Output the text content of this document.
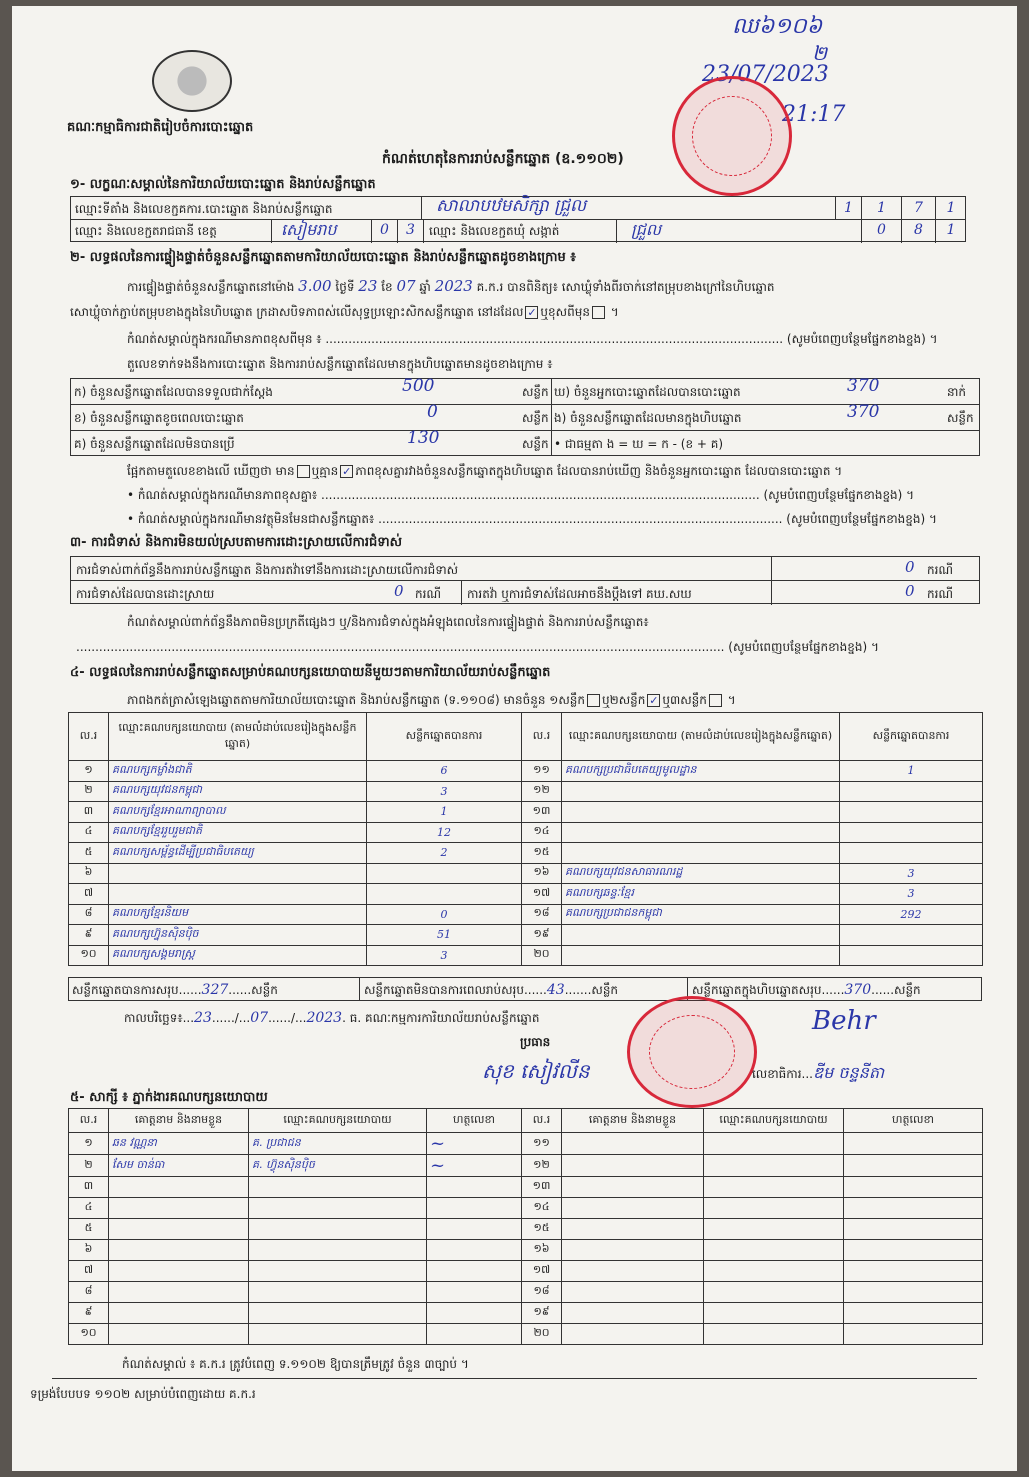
គណៈកម្មាធិការជាតិរៀបចំការបោះឆ្នោត
ឈ៦១០៦
២
23/07/2023
21:17
កំណត់ហេតុនៃការរាប់សន្លឹកឆ្នោត (ឧ.១១០២)
១- លក្ខណៈសម្គាល់នៃការិយាល័យបោះឆ្នោត និងរាប់សន្លឹកឆ្នោត
ឈ្មោះទីតាំង និងលេខក្ជគការ.បោះឆ្នោត និងរាប់សន្លឹកឆ្នោត	សាលាបឋមសិក្សា ជ្រួល	1	1	7	1
ឈ្មោះ និងលេខក្ជតរាជធានី ខេត្ត	សៀមរាប	0	3	ឈ្មោះ និងលេខក្ជតឃុំ សង្កាត់	ជ្រួល	0	8	1
២- លទ្ធផលនៃការផ្ទៀងផ្ទាត់ចំនួនសន្លឹកឆ្នោតតាមការិយាល័យបោះឆ្នោត និងរាប់សន្លឹកឆ្នោតដូចខាងក្រោម ៖
ការផ្ទៀងផ្ទាត់ចំនួនសន្លឹកឆ្នោតនៅម៉ោង 3.00 ថ្ងៃទី 23 ខែ 07 ឆ្នាំ 2023 គ.ក.រ បានពិនិត្យ៖ សោឃ្លុំទាំងពីរចាក់នៅតម្រុបខាងក្រៅនៃហិបឆ្នោត
សោឃ្លុំចាក់ភ្ជាប់តម្រុបខាងក្នុងនៃហិបឆ្នោត ក្រដាសបិទភាពស់លើសុទ្ធប្រឡោះសិកសន្លឹកឆ្នោត នៅដដែល ✓ ឬខុសពីមុន ។
កំណត់សម្គាល់ក្នុងករណីមានភាពខុសពីមុន ៖ ........................................................................................................................ (សូមបំពេញបន្ថែមផ្នែកខាងខ្នង) ។
តួលេខទាក់ទងនឹងការបោះឆ្នោត និងការរាប់សន្លឹកឆ្នោតដែលមានក្នុងហិបឆ្នោតមានដូចខាងក្រោម ៖
ក) ចំនួនសន្លឹកឆ្នោតដែលបានទទួលជាក់ស្ដែង	500	សន្លឹក ឃ) ចំនួនអ្នកបោះឆ្នោតដែលបានបោះឆ្នោត	370	នាក់
ខ) ចំនួនសន្លឹកឆ្នោតខូចពេលបោះឆ្នោត	0	សន្លឹក ង) ចំនួនសន្លឹកឆ្នោតដែលមានក្នុងហិបឆ្នោត	370	សន្លឹក
គ) ចំនួនសន្លឹកឆ្នោតដែលមិនបានប្រើ	130	សន្លឹក • ជាធម្មតា ង = ឃ = ក - (ខ + គ)
ផ្អែកតាមតួលេខខាងលើ ឃើញថា មាន ឬគ្មាន ✓ ភាពខុសគ្នារវាងចំនួនសន្លឹកឆ្នោតក្នុងហិបឆ្នោត ដែលបានរាប់ឃើញ និងចំនួនអ្នកបោះឆ្នោត ដែលបានបោះឆ្នោត ។
• កំណត់សម្គាល់ក្នុងករណីមានភាពខុសគ្នា៖ ................................................................................................................... (សូមបំពេញបន្ថែមផ្នែកខាងខ្នង) ។
• កំណត់សម្គាល់ក្នុងករណីមានវត្ថុមិនមែនជាសន្លឹកឆ្នោត៖ .......................................................................................................... (សូមបំពេញបន្ថែមផ្នែកខាងខ្នង) ។
៣- ការជំទាស់ និងការមិនយល់ស្របតាមការដោះស្រាយលើការជំទាស់
ការជំទាស់ពាក់ព័ន្ធនឹងការរាប់សន្លឹកឆ្នោត និងការតវ៉ាទៅនឹងការដោះស្រាយលើការជំទាស់	0 ករណី
ការជំទាស់ដែលបានដោះស្រាយ	0 ករណី ការតវ៉ា ឬការជំទាស់ដែលអាចនឹងប្ដឹងទៅ គឃ.សឃ	0 ករណី
កំណត់សម្គាល់ពាក់ព័ន្ធនឹងភាពមិនប្រក្រតីផ្សេងៗ ឬ/និងការជំទាស់ក្នុងអំឡុងពេលនៃការផ្ទៀងផ្ទាត់ និងការរាប់សន្លឹកឆ្នោត៖
.......................................................................................................................................................................... (សូមបំពេញបន្ថែមផ្នែកខាងខ្នង) ។
៤- លទ្ធផលនៃការរាប់សន្លឹកឆ្នោតសម្រាប់គណបក្សនយោបាយនីមួយៗតាមការិយាល័យរាប់សន្លឹកឆ្នោត
ភាពងកត់ត្រាសំឡេងឆ្នោតតាមការិយាល័យបោះឆ្នោត និងរាប់សន្លឹកឆ្នោត (ទ.១១០៨) មានចំនួន ១សន្លឹក ឬ២សន្លឹក ✓ ឬ៣សន្លឹក ។
ល.រ	ឈ្មោះគណបក្សនយោបាយ (តាមលំដាប់លេខរៀងក្នុងសន្លឹកឆ្នោត)	សន្លឹកឆ្នោតបានការ	ល.រ	ឈ្មោះគណបក្សនយោបាយ (តាមលំដាប់លេខរៀងក្នុងសន្លឹកឆ្នោត)	សន្លឹកឆ្នោតបានការ
១	គណបក្សកម្លាំងជាតិ	6	១១	គណបក្សប្រជាធិបតេយ្យមូលដ្ឋាន	1
២	គណបក្សយុវជនកម្ពុជា	3	១២		
៣	គណបក្សខ្មែរអាណាព្យាបាល	1	១៣		
៤	គណបក្សខ្មែររួបរួមជាតិ	12	១៤		
៥	គណបក្សសម្ព័ន្ធដើម្បីប្រជាធិបតេយ្យ	2	១៥		
៦			១៦	គណបក្សយុវជនសាធារណរដ្ឋ	3
៧			១៧	គណបក្សឆន្ទៈខ្មែរ	3
៨	គណបក្សខ្មែរនិយម	0	១៨	គណបក្សប្រជាជនកម្ពុជា	292
៩	គណបក្សហ្វ៊ុនស៊ិនប៉ិច	51	១៩		
១០	គណបក្សសង្គមរាស្ត្រ	3	២០		
សន្លឹកឆ្នោតបានការសរុប......327......សន្លឹក	សន្លឹកឆ្នោតមិនបានការពេលរាប់សរុប......43.......សន្លឹក	សន្លឹកឆ្នោតក្នុងហិបឆ្នោតសរុប......370......សន្លឹក
កាលបរិច្ឆេទ៖...23....../...07....../...2023. ធ. គណៈកម្មការការិយាល័យរាប់សន្លឹកឆ្នោត
ប្រធាន
សុខ សៀវលីន
Behr
លេខាធិការ...ឌីម ចន្ទនីតា
៥- សាក្សី ៖ ភ្នាក់ងារគណបក្សនយោបាយ
ល.រ	គោត្តនាម និងនាមខ្លួន	ឈ្មោះគណបក្សនយោបាយ	ហត្ថលេខា	ល.រ	គោត្តនាម និងនាមខ្លួន	ឈ្មោះគណបក្សនយោបាយ	ហត្ថលេខា
១	ឆន វណ្ណនា	គ. ប្រជាជន	~	១១			
២	សែម ចាន់ធា	គ. ហ៊្វុនស៊ិនប៉ិច	~	១២			
៣				១៣			
៤				១៤			
៥				១៥			
៦				១៦			
៧				១៧			
៨				១៨			
៩				១៩			
១០				២០			
កំណត់សម្គាល់ ៖ គ.ក.រ ត្រូវបំពេញ ទ.១១០២ ឱ្យបានត្រឹមត្រូវ ចំនួន ៣ច្បាប់ ។
ទម្រង់បែបបទ ១១០២ សម្រាប់បំពេញដោយ គ.ក.រ
